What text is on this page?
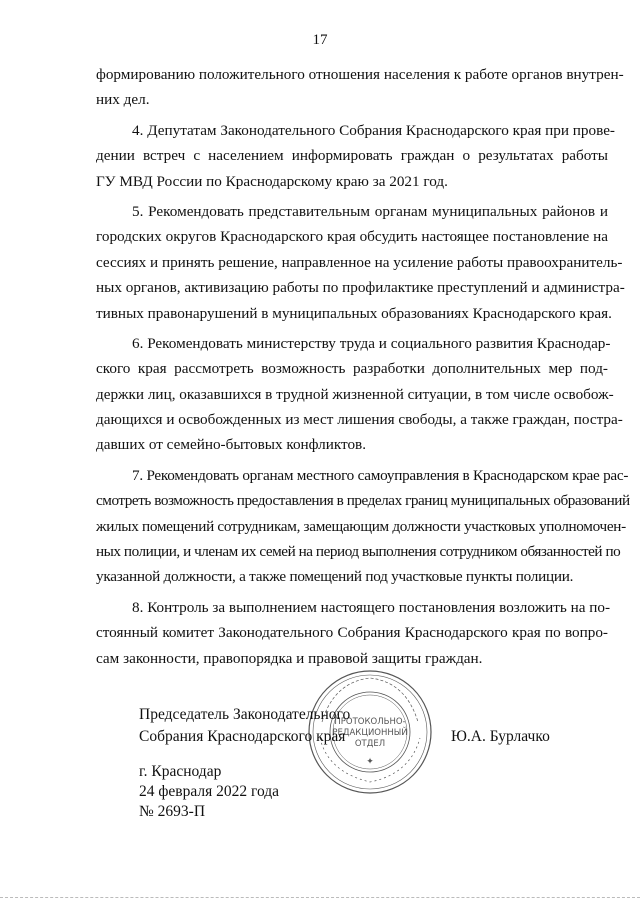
17
формированию положительного отношения населения к работе органов внутрен-
них дел.
4. Депутатам Законодательного Собрания Краснодарского края при прове-
дении встреч с населением информировать граждан о результатах работы
ГУ МВД России по Краснодарскому краю за 2021 год.
5. Рекомендовать представительным органам муниципальных районов и
городских округов Краснодарского края обсудить настоящее постановление на
сессиях и принять решение, направленное на усиление работы правоохранитель-
ных органов, активизацию работы по профилактике преступлений и администра-
тивных правонарушений в муниципальных образованиях Краснодарского края.
6. Рекомендовать министерству труда и социального развития Краснодар-
ского края рассмотреть возможность разработки дополнительных мер под-
держки лиц, оказавшихся в трудной жизненной ситуации, в том числе освобож-
дающихся и освобожденных из мест лишения свободы, а также граждан, постра-
давших от семейно-бытовых конфликтов.
7. Рекомендовать органам местного самоуправления в Краснодарском крае рас-
смотреть возможность предоставления в пределах границ муниципальных образований
жилых помещений сотрудникам, замещающим должности участковых уполномочен-
ных полиции, и членам их семей на период выполнения сотрудником обязанностей по
указанной должности, а также помещений под участковые пункты полиции.
8. Контроль за выполнением настоящего постановления возложить на по-
стоянный комитет Законодательного Собрания Краснодарского края по вопро-
сам законности, правопорядка и правовой защиты граждан.
ПРОТОКОЛЬНО-
РЕДАКЦИОННЫЙ
ОТДЕЛ
✦
Председатель Законодательного
Собрания Краснодарского края	Ю.А. Бурлачко
г. Краснодар
24 февраля 2022 года
№ 2693-П
